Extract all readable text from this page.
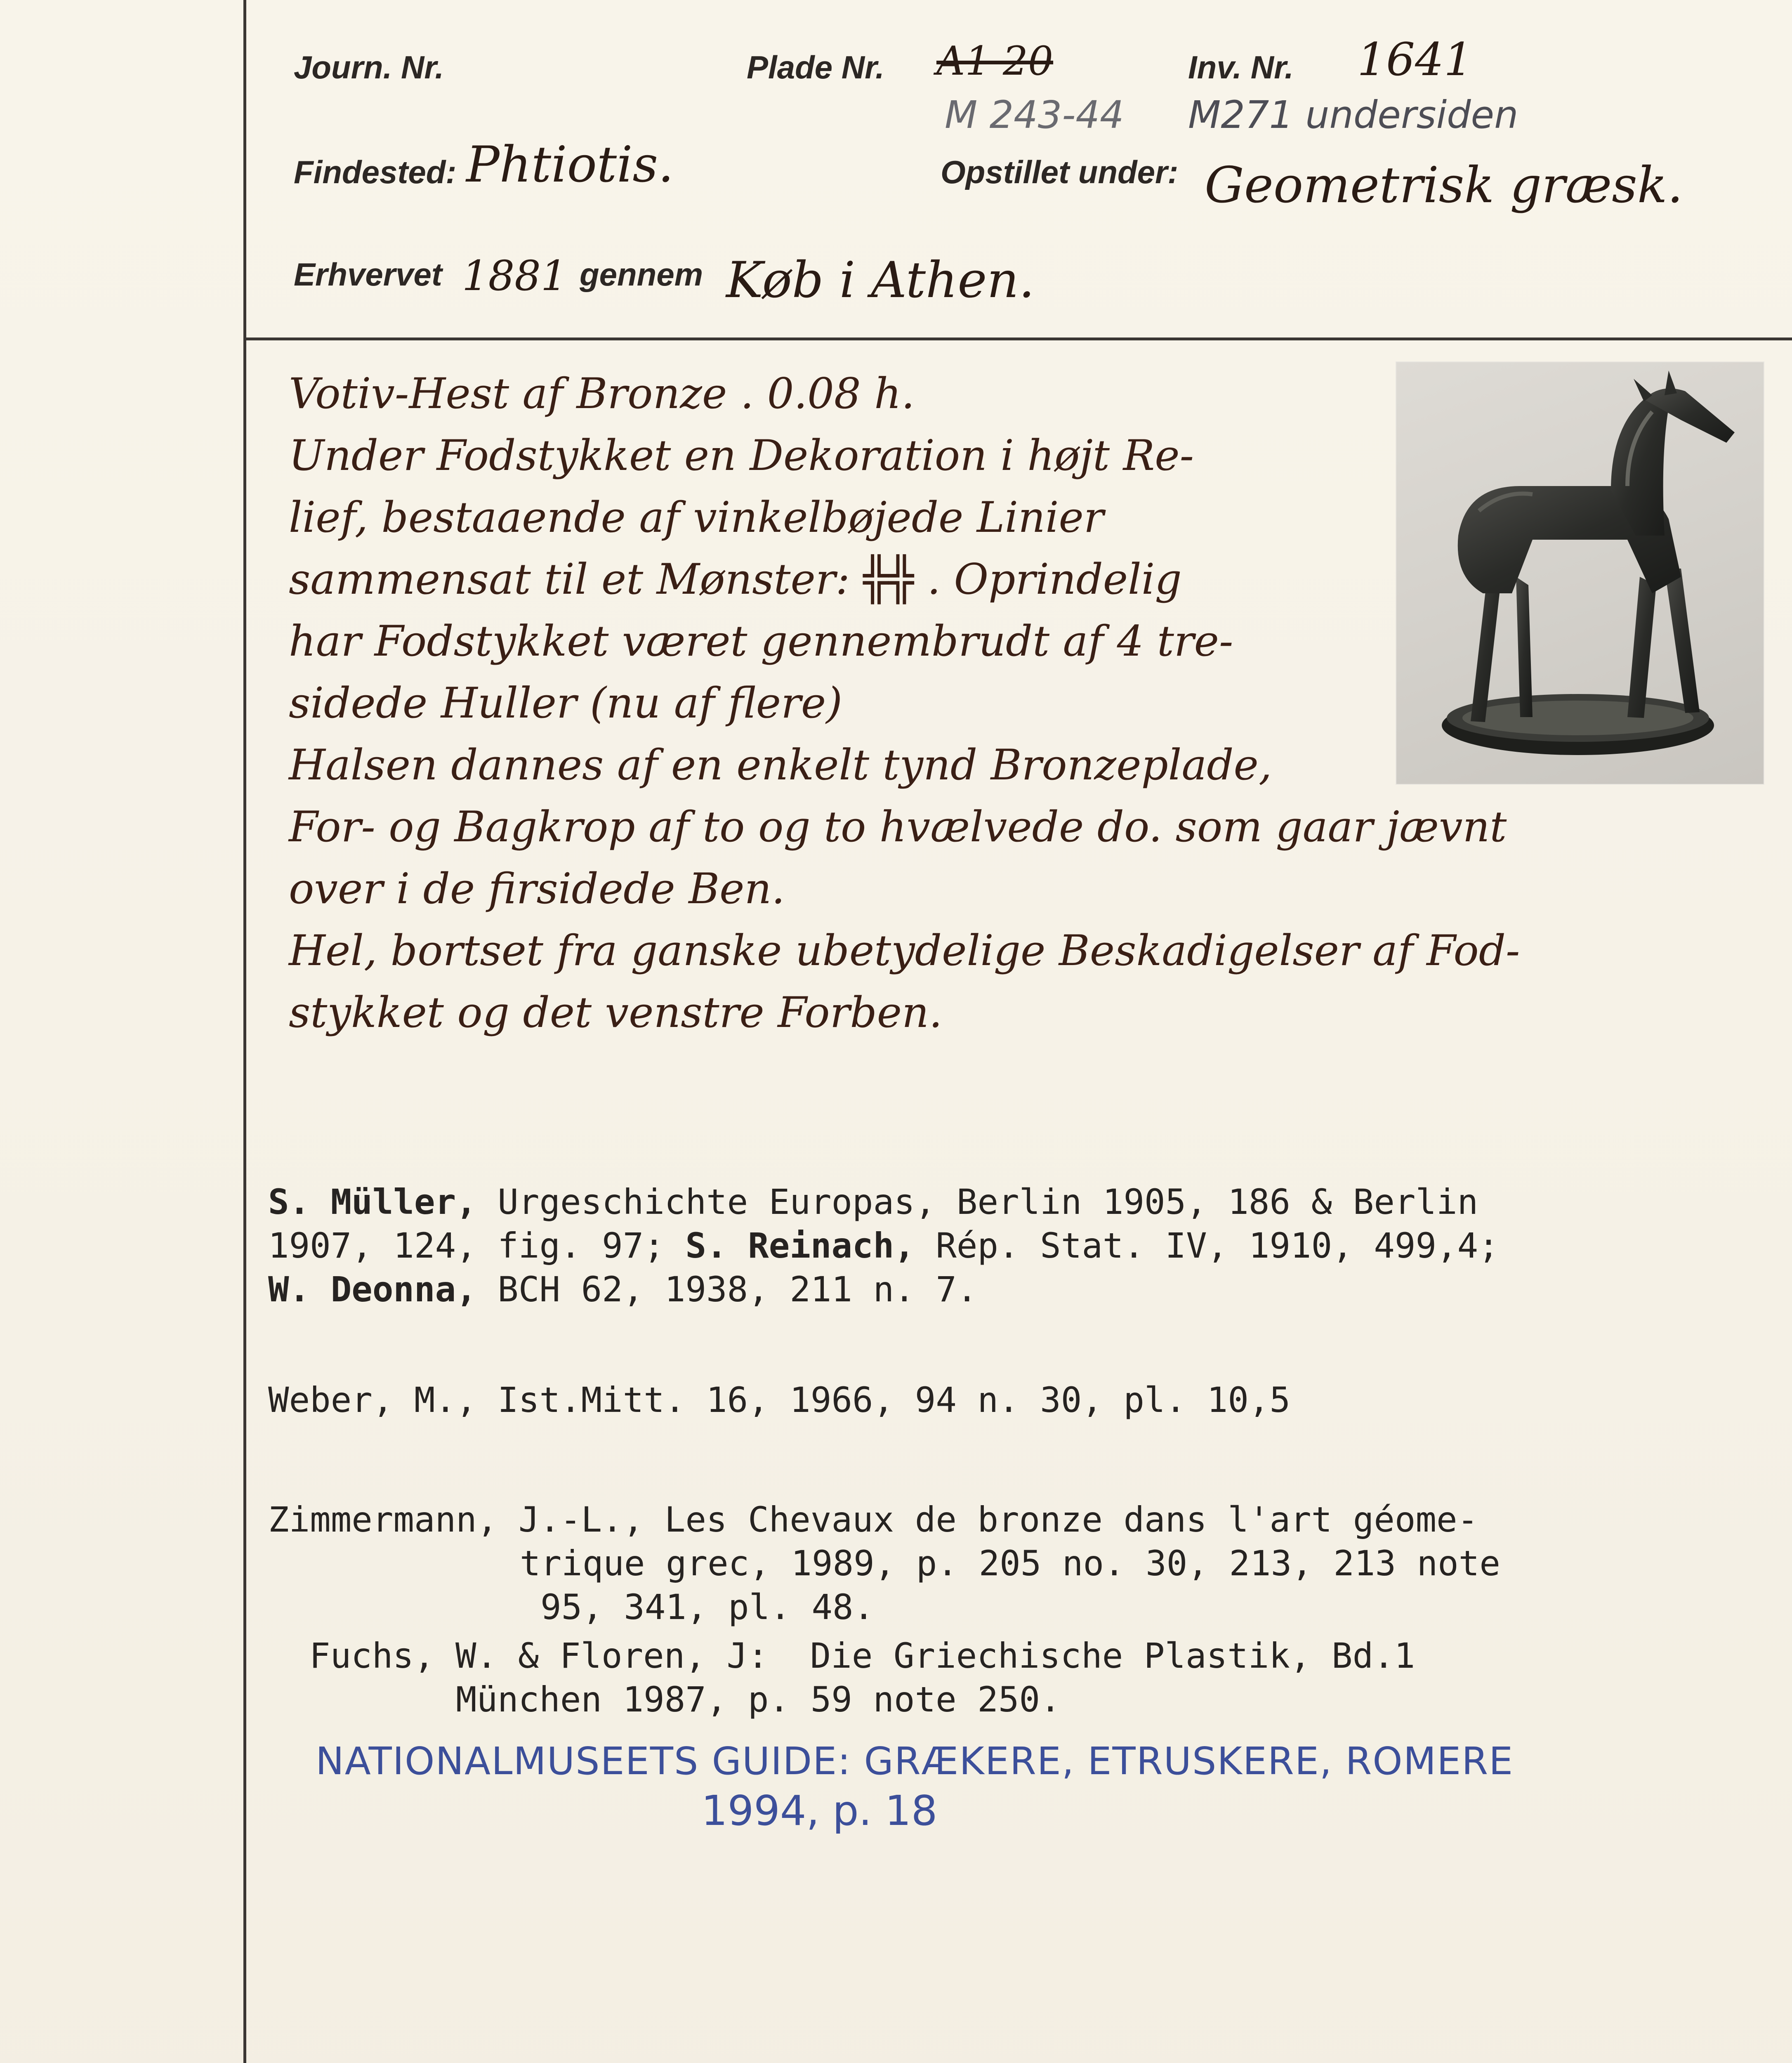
Journ. Nr.	Plade Nr. A1 20	Inv. Nr. 1641
M 243-44 M271 undersiden
Findested: Phtiotis.	Opstillet under: Geometrisk græsk.
Erhvervet 1881 gennem Køb i Athen.

Votiv-Hest af Bronze . 0.08 h.

Under Fodstykket en Dekoration i højt Re-

lief, bestaaende af vinkelbøjede Linier

sammensat til et Mønster: ╬╬ . Oprindelig

har Fodstykket været gennembrudt af 4 tre-

sidede Huller (nu af flere)

Halsen dannes af en enkelt tynd Bronzeplade,

For- og Bagkrop af to og to hvælvede do. som gaar jævnt

over i de firsidede Ben.

Hel, bortset fra ganske ubetydelige Beskadigelser af Fod-

stykket og det venstre Forben.

S. Müller, Urgeschichte Europas, Berlin 1905, 186 & Berlin
1907, 124, fig. 97; S. Reinach, Rép. Stat. IV, 1910, 499,4;
W. Deonna, BCH 62, 1938, 211 n. 7.
Weber, M., Ist.Mitt. 16, 1966, 94 n. 30, pl. 10,5
Zimmermann, J.-L., Les Chevaux de bronze dans l'art géome-
trique grec, 1989, p. 205 no. 30, 213, 213 note
95, 341, pl. 48.
Fuchs, W. & Floren, J:  Die Griechische Plastik, Bd.1
München 1987, p. 59 note 250.
NATIONALMUSEETS GUIDE: GRÆKERE, ETRUSKERE, ROMERE
1994, p. 18
